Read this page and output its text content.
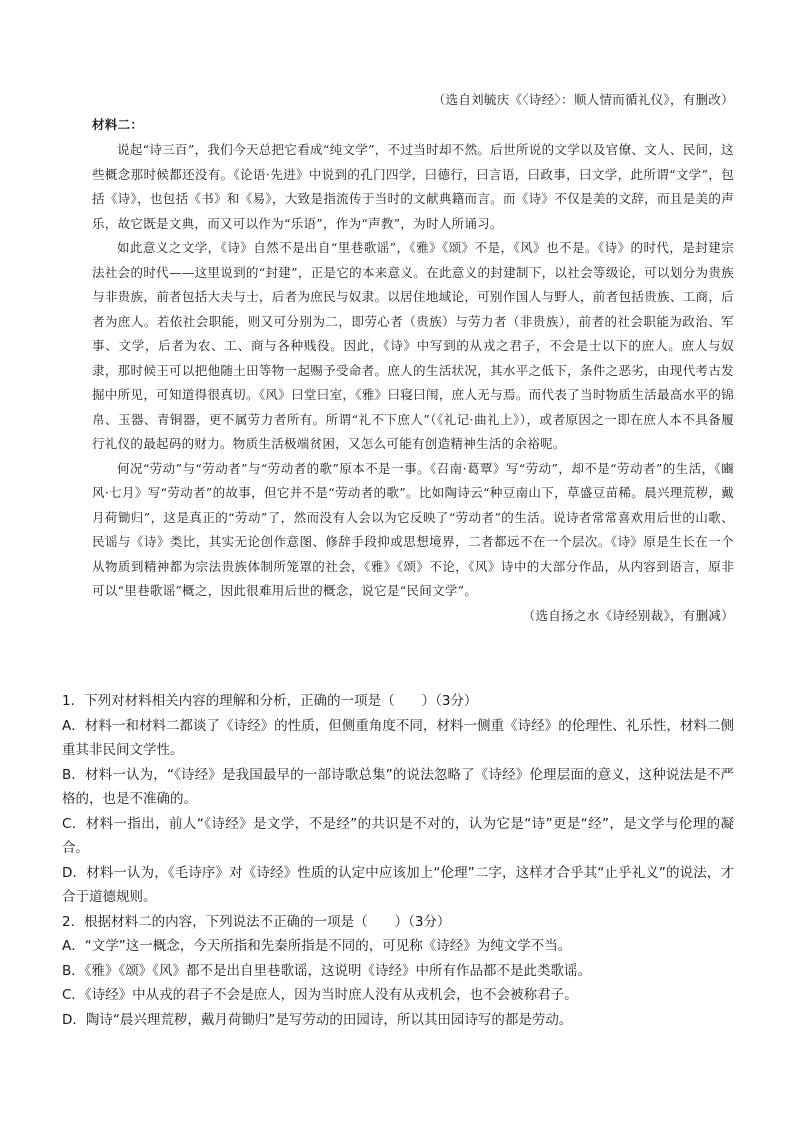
（选自刘毓庆《〈诗经〉：顺人情而循礼仪》，有删改）
材料二：

说起“诗三百”，我们今天总把它看成“纯文学”，不过当时却不然。后世所说的文学以及官僚、文人、民间，这些概念那时候都还没有。《论语·先进》中说到的孔门四学，曰德行，曰言语，曰政事，曰文学，此所谓“文学”，包括《诗》，也包括《书》和《易》，大致是指流传于当时的文献典籍而言。而《诗》不仅是美的文辞，而且是美的声乐，故它既是文典，而又可以作为“乐语”，作为“声教”，为时人所诵习。

如此意义之文学，《诗》自然不是出自“里巷歌谣”，《雅》《颂》不是，《风》也不是。《诗》的时代，是封建宗法社会的时代——这里说到的“封建”，正是它的本来意义。在此意义的封建制下，以社会等级论，可以划分为贵族与非贵族，前者包括大夫与士，后者为庶民与奴隶。以居住地域论，可别作国人与野人，前者包括贵族、工商，后者为庶人。若依社会职能，则又可分别为二，即劳心者（贵族）与劳力者（非贵族），前者的社会职能为政治、军事、文学，后者为农、工、商与各种贱役。因此，《诗》中写到的从戎之君子，不会是士以下的庶人。庶人与奴隶，那时候王可以把他随土田等物一起赐予受命者。庶人的生活状况，其水平之低下，条件之恶劣，由现代考古发掘中所见，可知道得很真切。《风》曰堂曰室，《雅》曰寝曰闱，庶人无与焉。而代表了当时物质生活最高水平的锦帛、玉器、青铜器，更不属劳力者所有。所谓“礼不下庶人”（《礼记·曲礼上》），或者原因之一即在庶人本不具备履行礼仪的最起码的财力。物质生活极端贫困，又怎么可能有创造精神生活的余裕呢。

何况“劳动”与“劳动者”与“劳动者的歌”原本不是一事。《召南·葛覃》写“劳动”，却不是“劳动者”的生活，《豳风·七月》写“劳动者”的故事，但它并不是“劳动者的歌”。比如陶诗云“种豆南山下，草盛豆苗稀。晨兴理荒秽，戴月荷锄归”，这是真正的“劳动”了，然而没有人会以为它反映了“劳动者”的生活。说诗者常常喜欢用后世的山歌、民谣与《诗》类比，其实无论创作意图、修辞手段抑或思想境界，二者都远不在一个层次。《诗》原是生长在一个从物质到精神都为宗法贵族体制所笼罩的社会，《雅》《颂》不论，《风》诗中的大部分作品，从内容到语言，原非可以“里巷歌谣”概之，因此很难用后世的概念，说它是“民间文学”。

（选自扬之水《诗经别裁》，有删减）

1．下列对材料相关内容的理解和分析，正确的一项是（　　）（3分）

A．材料一和材料二都谈了《诗经》的性质，但侧重角度不同，材料一侧重《诗经》的伦理性、礼乐性，材料二侧重其非民间文学性。

B．材料一认为，“《诗经》是我国最早的一部诗歌总集”的说法忽略了《诗经》伦理层面的意义，这种说法是不严格的，也是不准确的。

C．材料一指出，前人“《诗经》是文学，不是经”的共识是不对的，认为它是“诗”更是“经”，是文学与伦理的凝合。

D．材料一认为，《毛诗序》对《诗经》性质的认定中应该加上“伦理”二字，这样才合乎其“止乎礼义”的说法，才合于道德规则。

2．根据材料二的内容，下列说法不正确的一项是（　　）（3分）

A．“文学”这一概念，今天所指和先秦所指是不同的，可见称《诗经》为纯文学不当。

B．《雅》《颂》《风》都不是出自里巷歌谣，这说明《诗经》中所有作品都不是此类歌谣。

C．《诗经》中从戎的君子不会是庶人，因为当时庶人没有从戎机会，也不会被称君子。

D．陶诗“晨兴理荒秽，戴月荷锄归”是写劳动的田园诗，所以其田园诗写的都是劳动。
